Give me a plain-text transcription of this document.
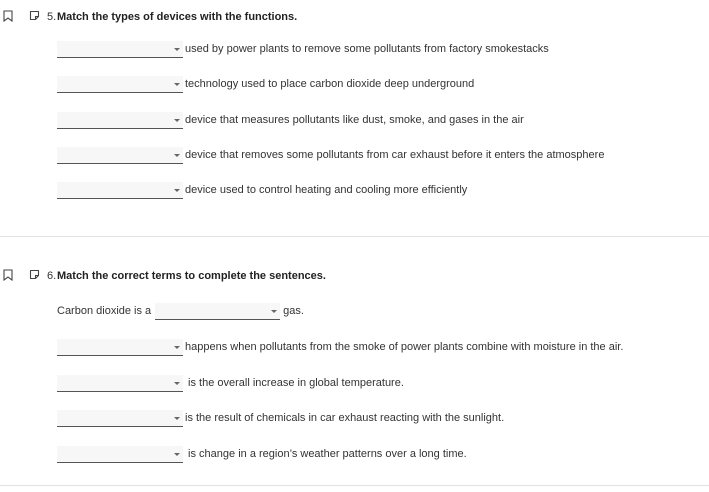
5. Match the types of devices with the functions.
used by power plants to remove some pollutants from factory smokestacks
technology used to place carbon dioxide deep underground
device that measures pollutants like dust, smoke, and gases in the air
device that removes some pollutants from car exhaust before it enters the atmosphere
device used to control heating and cooling more efficiently
6. Match the correct terms to complete the sentences.
Carbon dioxide is a	gas.
happens when pollutants from the smoke of power plants combine with moisture in the air.
is the overall increase in global temperature.
is the result of chemicals in car exhaust reacting with the sunlight.
is change in a region’s weather patterns over a long time.
